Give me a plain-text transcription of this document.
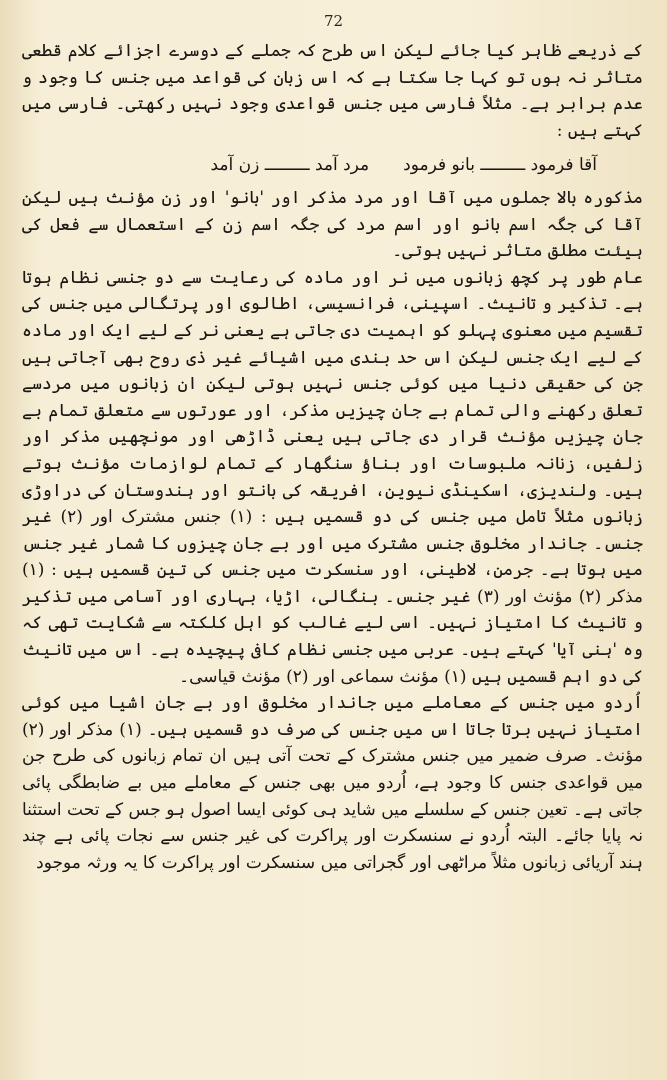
72

کے ذریعے ظاہر کیا جائے لیکن اس طرح کہ جملے کے دوسرے اجزائے کلام قطعی متاثر نہ ہوں تو کہا جا سکتا ہے کہ اس زبان کی قواعد میں جنس کا وجود و عدم برابر ہے۔ مثلاً فارسی میں جنس قواعدی وجود نہیں رکھتی۔ فارسی میں کہتے ہیں :

آقا فرمود ـــــــــ بانو فرمود
مرد آمد ـــــــــ زن آمد

مذکورہ بالا جملوں میں آقا اور مرد مذکر اور 'بانو' اور زن مؤنث ہیں لیکن آقا کی جگہ اسم بانو اور اسم مرد کی جگہ اسم زن کے استعمال سے فعل کی ہیئت مطلق متاثر نہیں ہوتی۔

عام طور پر کچھ زبانوں میں نر اور مادہ کی رعایت سے دو جنسی نظام ہوتا ہے۔ تذکیر و تانیث۔ اسپینی، فرانسیسی، اطالوی اور پرتگالی میں جنس کی تقسیم میں معنوی پہلو کو اہمیت دی جاتی ہے یعنی نر کے لیے ایک اور مادہ کے لیے ایک جنس لیکن اس حد بندی میں اشیائے غیر ذی روح بھی آجاتی ہیں جن کی حقیقی دنیا میں کوئی جنس نہیں ہوتی لیکن ان زبانوں میں مردسے تعلق رکھنے والی تمام بے جان چیزیں مذکر، اور عورتوں سے متعلق تمام بے جان چیزیں مؤنث قرار دی جاتی ہیں یعنی ڈاڑھی اور مونچھیں مذکر اور زلفیں، زنانہ ملبوسات اور بناؤ سنگھار کے تمام لوازمات مؤنث ہوتے ہیں۔ ولندیزی، اسکینڈی نیوین، افریقہ کی بانتو اور ہندوستان کی دراوڑی زبانوں مثلاً تامل میں جنس کی دو قسمیں ہیں : (۱) جنس مشترک اور (۲) غیر جنس۔ جاندار مخلوق جنس مشترک میں اور بے جان چیزوں کا شمار غیر جنس میں ہوتا ہے۔ جرمن، لاطینی، اور سنسکرت میں جنس کی تین قسمیں ہیں : (۱) مذکر (۲) مؤنث اور (۳) غیر جنس۔ بنگالی، اڑیا، بہاری اور آسامی میں تذکیر و تانیث کا امتیاز نہیں۔ اسی لیے غالب کو اہل کلکتہ سے شکایت تھی کہ وہ 'ہنی آیا' کہتے ہیں۔ عربی میں جنسی نظام کافی پیچیدہ ہے۔ اس میں تانیث کی دو اہم قسمیں ہیں (۱) مؤنث سماعی اور (۲) مؤنث قیاسی۔

اُردو میں جنس کے معاملے میں جاندار مخلوق اور بے جان اشیا میں کوئی امتیاز نہیں برتا جاتا اس میں جنس کی صرف دو قسمیں ہیں۔ (۱) مذکر اور (۲) مؤنث۔ صرف ضمیر میں جنس مشترک کے تحت آتی ہیں ان تمام زبانوں کی طرح جن میں قواعدی جنس کا وجود ہے، اُردو میں بھی جنس کے معاملے میں بے ضابطگی پائی جاتی ہے۔ تعین جنس کے سلسلے میں شاید ہی کوئی ایسا اصول ہو جس کے تحت استثنا نہ پایا جائے۔ البتہ اُردو نے سنسکرت اور پراکرت کی غیر جنس سے نجات پائی ہے چند ہند آریائی زبانوں مثلاً مراٹھی اور گجراتی میں سنسکرت اور پراکرت کا یہ ورثہ موجود
